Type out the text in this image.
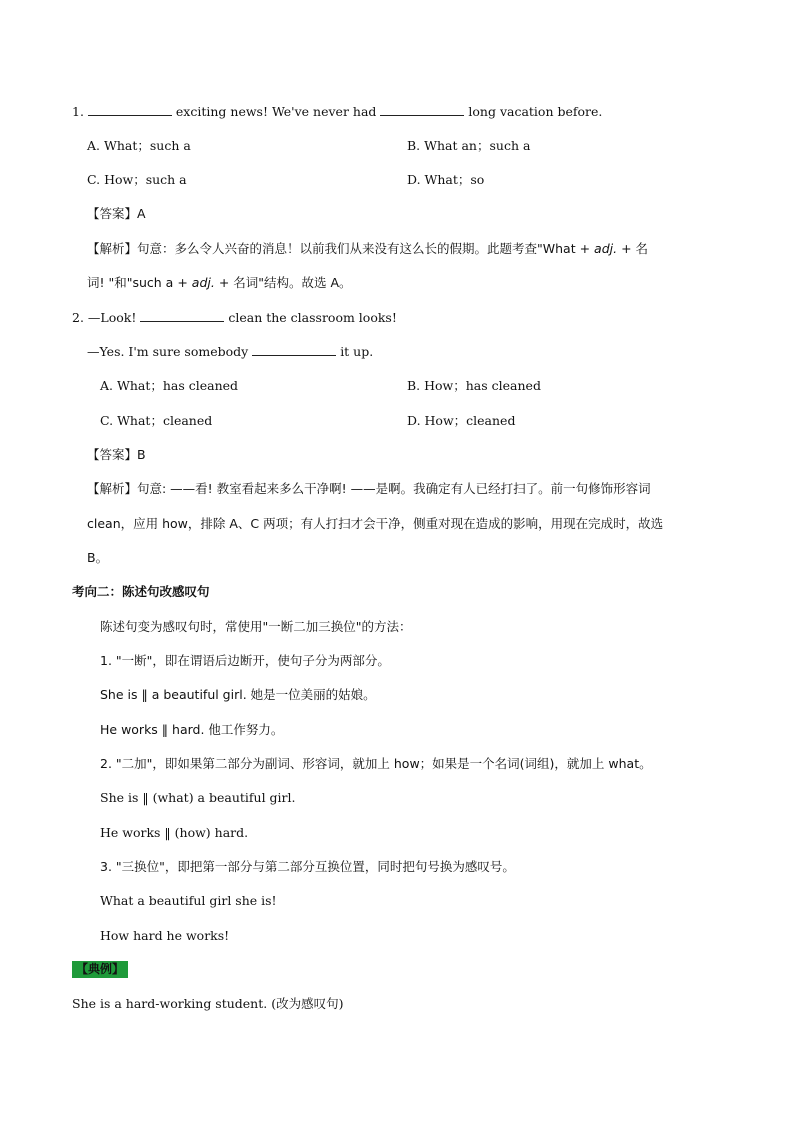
1.	exciting news! We've never had	long vacation before.
A. What；such a	B. What an；such a
C. How；such a	D. What；so
【答案】A
【解析】句意：多么令人兴奋的消息！以前我们从来没有这么长的假期。此题考查"What + adj. + 名
词! "和"such a + adj. + 名词"结构。故选 A。
2. —Look!	clean the classroom looks!
—Yes. I'm sure somebody	it up.
A. What；has cleaned	B. How；has cleaned
C. What；cleaned	D. How；cleaned
【答案】B
【解析】句意: ——看! 教室看起来多么干净啊! ——是啊。我确定有人已经打扫了。前一句修饰形容词
clean，应用 how，排除 A、C 两项；有人打扫才会干净，侧重对现在造成的影响，用现在完成时，故选
B。
考向二：陈述句改感叹句
陈述句变为感叹句时，常使用"一断二加三换位"的方法：
1. "一断"，即在谓语后边断开，使句子分为两部分。
She is ‖ a beautiful girl. 她是一位美丽的姑娘。
He works ‖ hard. 他工作努力。
2. "二加"，即如果第二部分为副词、形容词，就加上 how；如果是一个名词(词组)，就加上 what。
She is ‖ (what) a beautiful girl.
He works ‖ (how) hard.
3. "三换位"，即把第一部分与第二部分互换位置，同时把句号换为感叹号。
What a beautiful girl she is!
How hard he works!
【典例】
She is a hard-working student. (改为感叹句)
